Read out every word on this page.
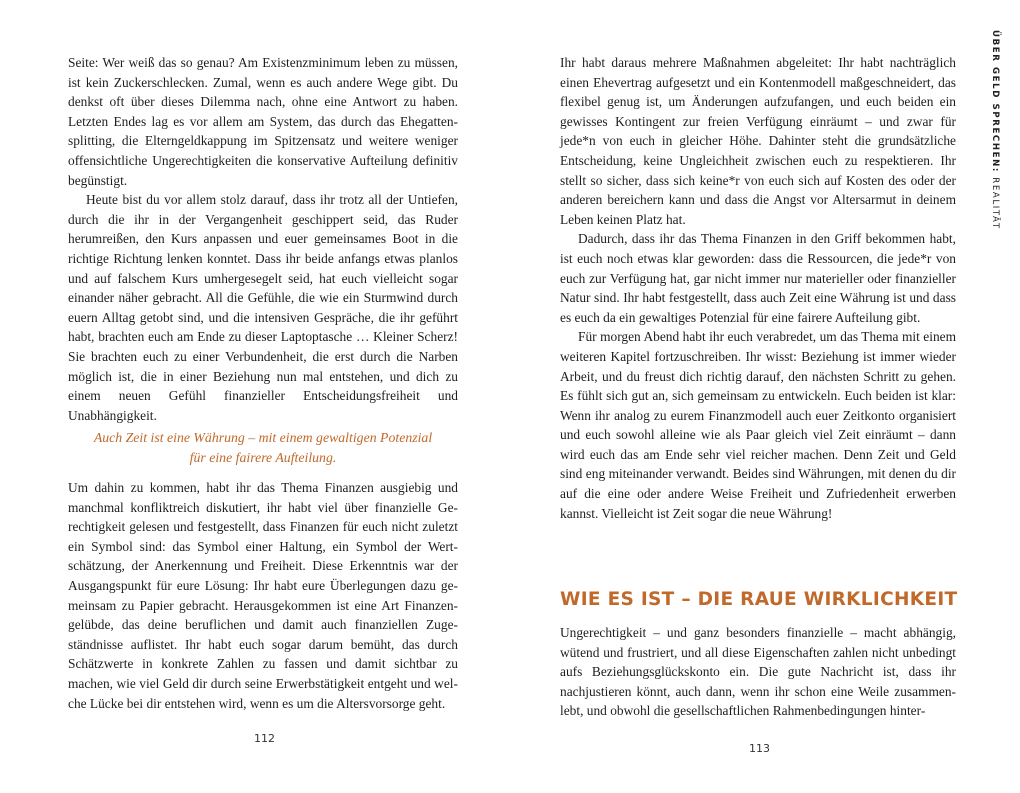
Seite: Wer weiß das so genau? Am Existenzminimum leben zu müssen, ist kein Zuckerschlecken. Zumal, wenn es auch andere Wege gibt. Du denkst oft über dieses Dilemma nach, ohne eine Antwort zu haben. Letzten Endes lag es vor allem am System, das durch das Ehegattensplitting, die Elterngeldkappung im Spitzensatz und weitere weniger offensichtliche Ungerechtigkeiten die konservative Aufteilung definitiv begünstigt.

Heute bist du vor allem stolz darauf, dass ihr trotz all der Untiefen, durch die ihr in der Vergangenheit geschippert seid, das Ruder herumreißen, den Kurs anpassen und euer gemeinsames Boot in die richtige Richtung lenken konntet. Dass ihr beide anfangs etwas planlos und auf falschem Kurs umhergesegelt seid, hat euch vielleicht sogar einander näher gebracht. All die Gefühle, die wie ein Sturmwind durch euern Alltag getobt sind, und die intensiven Gespräche, die ihr geführt habt, brachten euch am Ende zu dieser Laptoptasche … Kleiner Scherz! Sie brachten euch zu einer Verbundenheit, die erst durch die Narben möglich ist, die in einer Beziehung nun mal entstehen, und dich zu einem neuen Gefühl finanzieller Entscheidungsfreiheit und Unabhängigkeit.

Auch Zeit ist eine Währung – mit einem gewaltigen Potenzial
für eine fairere Aufteilung.

Um dahin zu kommen, habt ihr das Thema Finanzen ausgiebig und manchmal konfliktreich diskutiert, ihr habt viel über finanzielle Gerechtigkeit gelesen und festgestellt, dass Finanzen für euch nicht zuletzt ein Symbol sind: das Symbol einer Haltung, ein Symbol der Wertschätzung, der Anerkennung und Freiheit. Diese Erkenntnis war der Ausgangspunkt für eure Lösung: Ihr habt eure Überlegungen dazu gemeinsam zu Papier gebracht. Herausgekommen ist eine Art Finanzengelübde, das deine beruflichen und damit auch finanziellen Zugeständnisse auflistet. Ihr habt euch sogar darum bemüht, das durch Schätzwerte in konkrete Zahlen zu fassen und damit sichtbar zu machen, wie viel Geld dir durch seine Erwerbstätigkeit entgeht und welche Lücke bei dir entstehen wird, wenn es um die Altersvorsorge geht.

112

Ihr habt daraus mehrere Maßnahmen abgeleitet: Ihr habt nachträglich einen Ehevertrag aufgesetzt und ein Kontenmodell maßgeschneidert, das flexibel genug ist, um Änderungen aufzufangen, und euch beiden ein gewisses Kontingent zur freien Verfügung einräumt – und zwar für jede*n von euch in gleicher Höhe. Dahinter steht die grundsätzliche Entscheidung, keine Ungleichheit zwischen euch zu respektieren. Ihr stellt so sicher, dass sich keine*r von euch sich auf Kosten des oder der anderen bereichern kann und dass die Angst vor Altersarmut in deinem Leben keinen Platz hat.

Dadurch, dass ihr das Thema Finanzen in den Griff bekommen habt, ist euch noch etwas klar geworden: dass die Ressourcen, die jede*r von euch zur Verfügung hat, gar nicht immer nur materieller oder finanzieller Natur sind. Ihr habt festgestellt, dass auch Zeit eine Währung ist und dass es euch da ein gewaltiges Potenzial für eine fairere Aufteilung gibt.

Für morgen Abend habt ihr euch verabredet, um das Thema mit einem weiteren Kapitel fortzuschreiben. Ihr wisst: Beziehung ist immer wieder Arbeit, und du freust dich richtig darauf, den nächsten Schritt zu gehen. Es fühlt sich gut an, sich gemeinsam zu entwickeln. Euch beiden ist klar: Wenn ihr analog zu eurem Finanzmodell auch euer Zeitkonto organisiert und euch sowohl alleine wie als Paar gleich viel Zeit einräumt – dann wird euch das am Ende sehr viel reicher machen. Denn Zeit und Geld sind eng miteinander verwandt. Beides sind Währungen, mit denen du dir auf die eine oder andere Weise Freiheit und Zufriedenheit erwerben kannst. Vielleicht ist Zeit sogar die neue Währung!

WIE ES IST – DIE RAUE WIRKLICHKEIT

Ungerechtigkeit – und ganz besonders finanzielle – macht abhängig, wütend und frustriert, und all diese Eigenschaften zahlen nicht unbedingt aufs Beziehungsglückskonto ein. Die gute Nachricht ist, dass ihr nachjustieren könnt, auch dann, wenn ihr schon eine Weile zusammenlebt, und obwohl die gesellschaftlichen Rahmenbedingungen hinter-

113
ÜBER GELD SPRECHEN: REALITÄT
